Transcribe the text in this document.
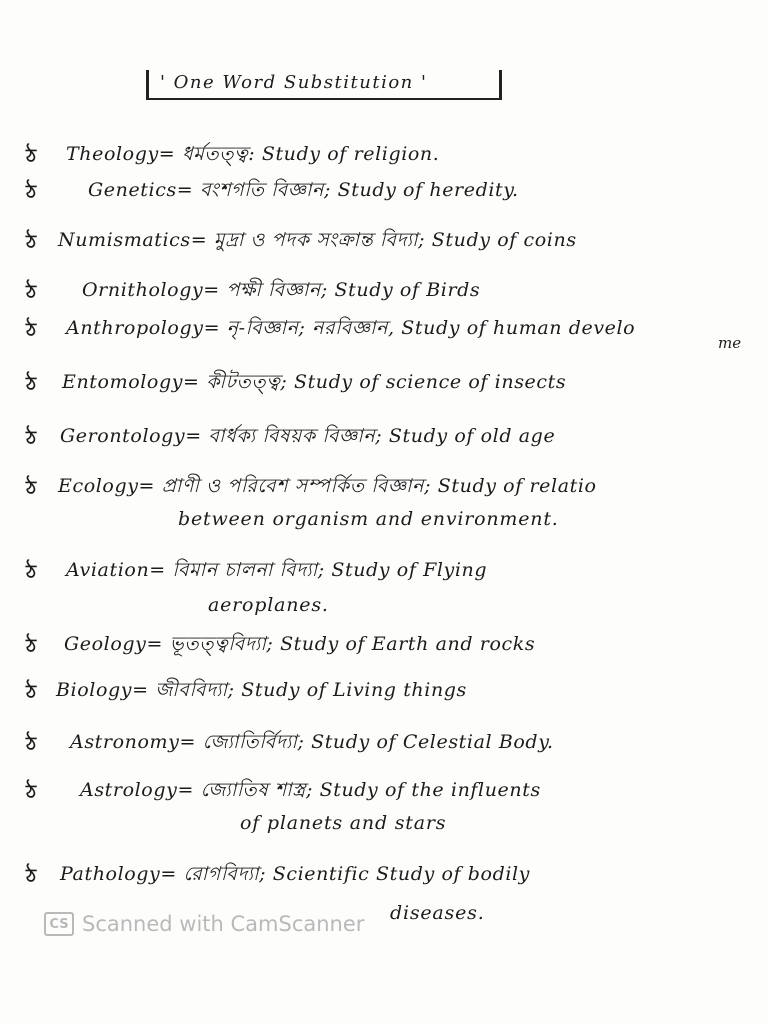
' One Word Substitution '
ঠ Theology= ধর্মতত্ত্ব: Study of religion.
ঠ	Genetics= বংশগতি বিজ্ঞান; Study of heredity.
ঠ Numismatics= মুদ্রা ও পদক সংক্রান্ত বিদ্যা; Study of coins
ঠ Ornithology= পক্ষী বিজ্ঞান; Study of Birds
ঠ Anthropology= নৃ-বিজ্ঞান; নরবিজ্ঞান, Study of human develo
me
ঠ Entomology= কীটতত্ত্ব; Study of science of insects
ঠ Gerontology= বার্ধক্য বিষয়ক বিজ্ঞান; Study of old age
ঠ Ecology= প্রাণী ও পরিবেশ সম্পর্কিত বিজ্ঞান; Study of relatio
between organism and environment.
ঠ Aviation= বিমান চালনা বিদ্যা; Study of Flying
aeroplanes.
ঠ Geology= ভূতত্ত্ববিদ্যা; Study of Earth and rocks
ঠ Biology= জীববিদ্যা; Study of Living things
ঠ Astronomy= জ্যোতির্বিদ্যা; Study of Celestial Body.
ঠ Astrology= জ্যোতিষ শাস্ত্র; Study of the influents
of planets and stars
ঠ Pathology= রোগবিদ্যা; Scientific Study of bodily
diseases.
CS Scanned with CamScanner
